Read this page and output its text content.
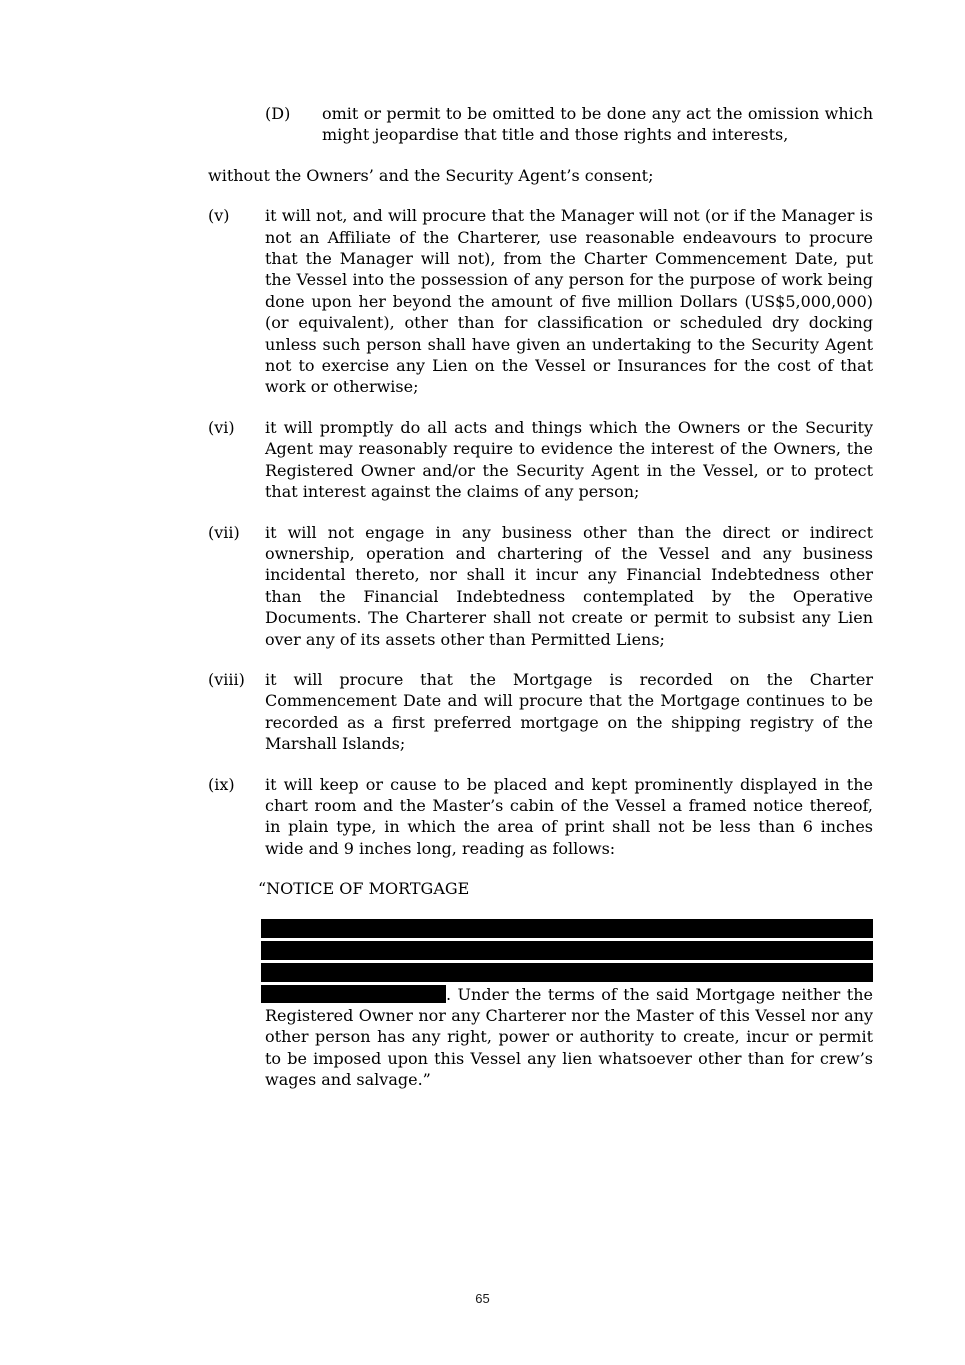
(D)	omit or permit to be omitted to be done any act the omission which might jeopardise that title and those rights and interests,
without the Owners’ and the Security Agent’s consent;
(v)	it will not, and will procure that the Manager will not (or if the Manager is not an Affiliate of the Charterer, use reasonable endeavours to procure that the Manager will not), from the Charter Commencement Date, put the Vessel into the possession of any person for the purpose of work being done upon her beyond the amount of five million Dollars (US$5,000,000) (or equivalent), other than for classification or scheduled dry docking unless such person shall have given an undertaking to the Security Agent not to exercise any Lien on the Vessel or Insurances for the cost of that work or otherwise;
(vi)	it will promptly do all acts and things which the Owners or the Security Agent may reasonably require to evidence the interest of the Owners, the Registered Owner and/or the Security Agent in the Vessel, or to protect that interest against the claims of any person;
(vii)	it will not engage in any business other than the direct or indirect ownership, operation and chartering of the Vessel and any business incidental thereto, nor shall it incur any Financial Indebtedness other than the Financial Indebtedness contemplated by the Operative Documents. The Charterer shall not create or permit to subsist any Lien over any of its assets other than Permitted Liens;
(viii)	it will procure that the Mortgage is recorded on the Charter Commencement Date and will procure that the Mortgage continues to be recorded as a first preferred mortgage on the shipping registry of the Marshall Islands;
(ix)	it will keep or cause to be placed and kept prominently displayed in the chart room and the Master’s cabin of the Vessel a framed notice thereof, in plain type, in which the area of print shall not be less than 6 inches wide and 9 inches long, reading as follows:
“NOTICE OF MORTGAGE
. Under the terms of the said Mortgage neither the Registered Owner nor any Charterer nor the Master of this Vessel nor any other person has any right, power or authority to create, incur or permit to be imposed upon this Vessel any lien whatsoever other than for crew’s wages and salvage.”
65
